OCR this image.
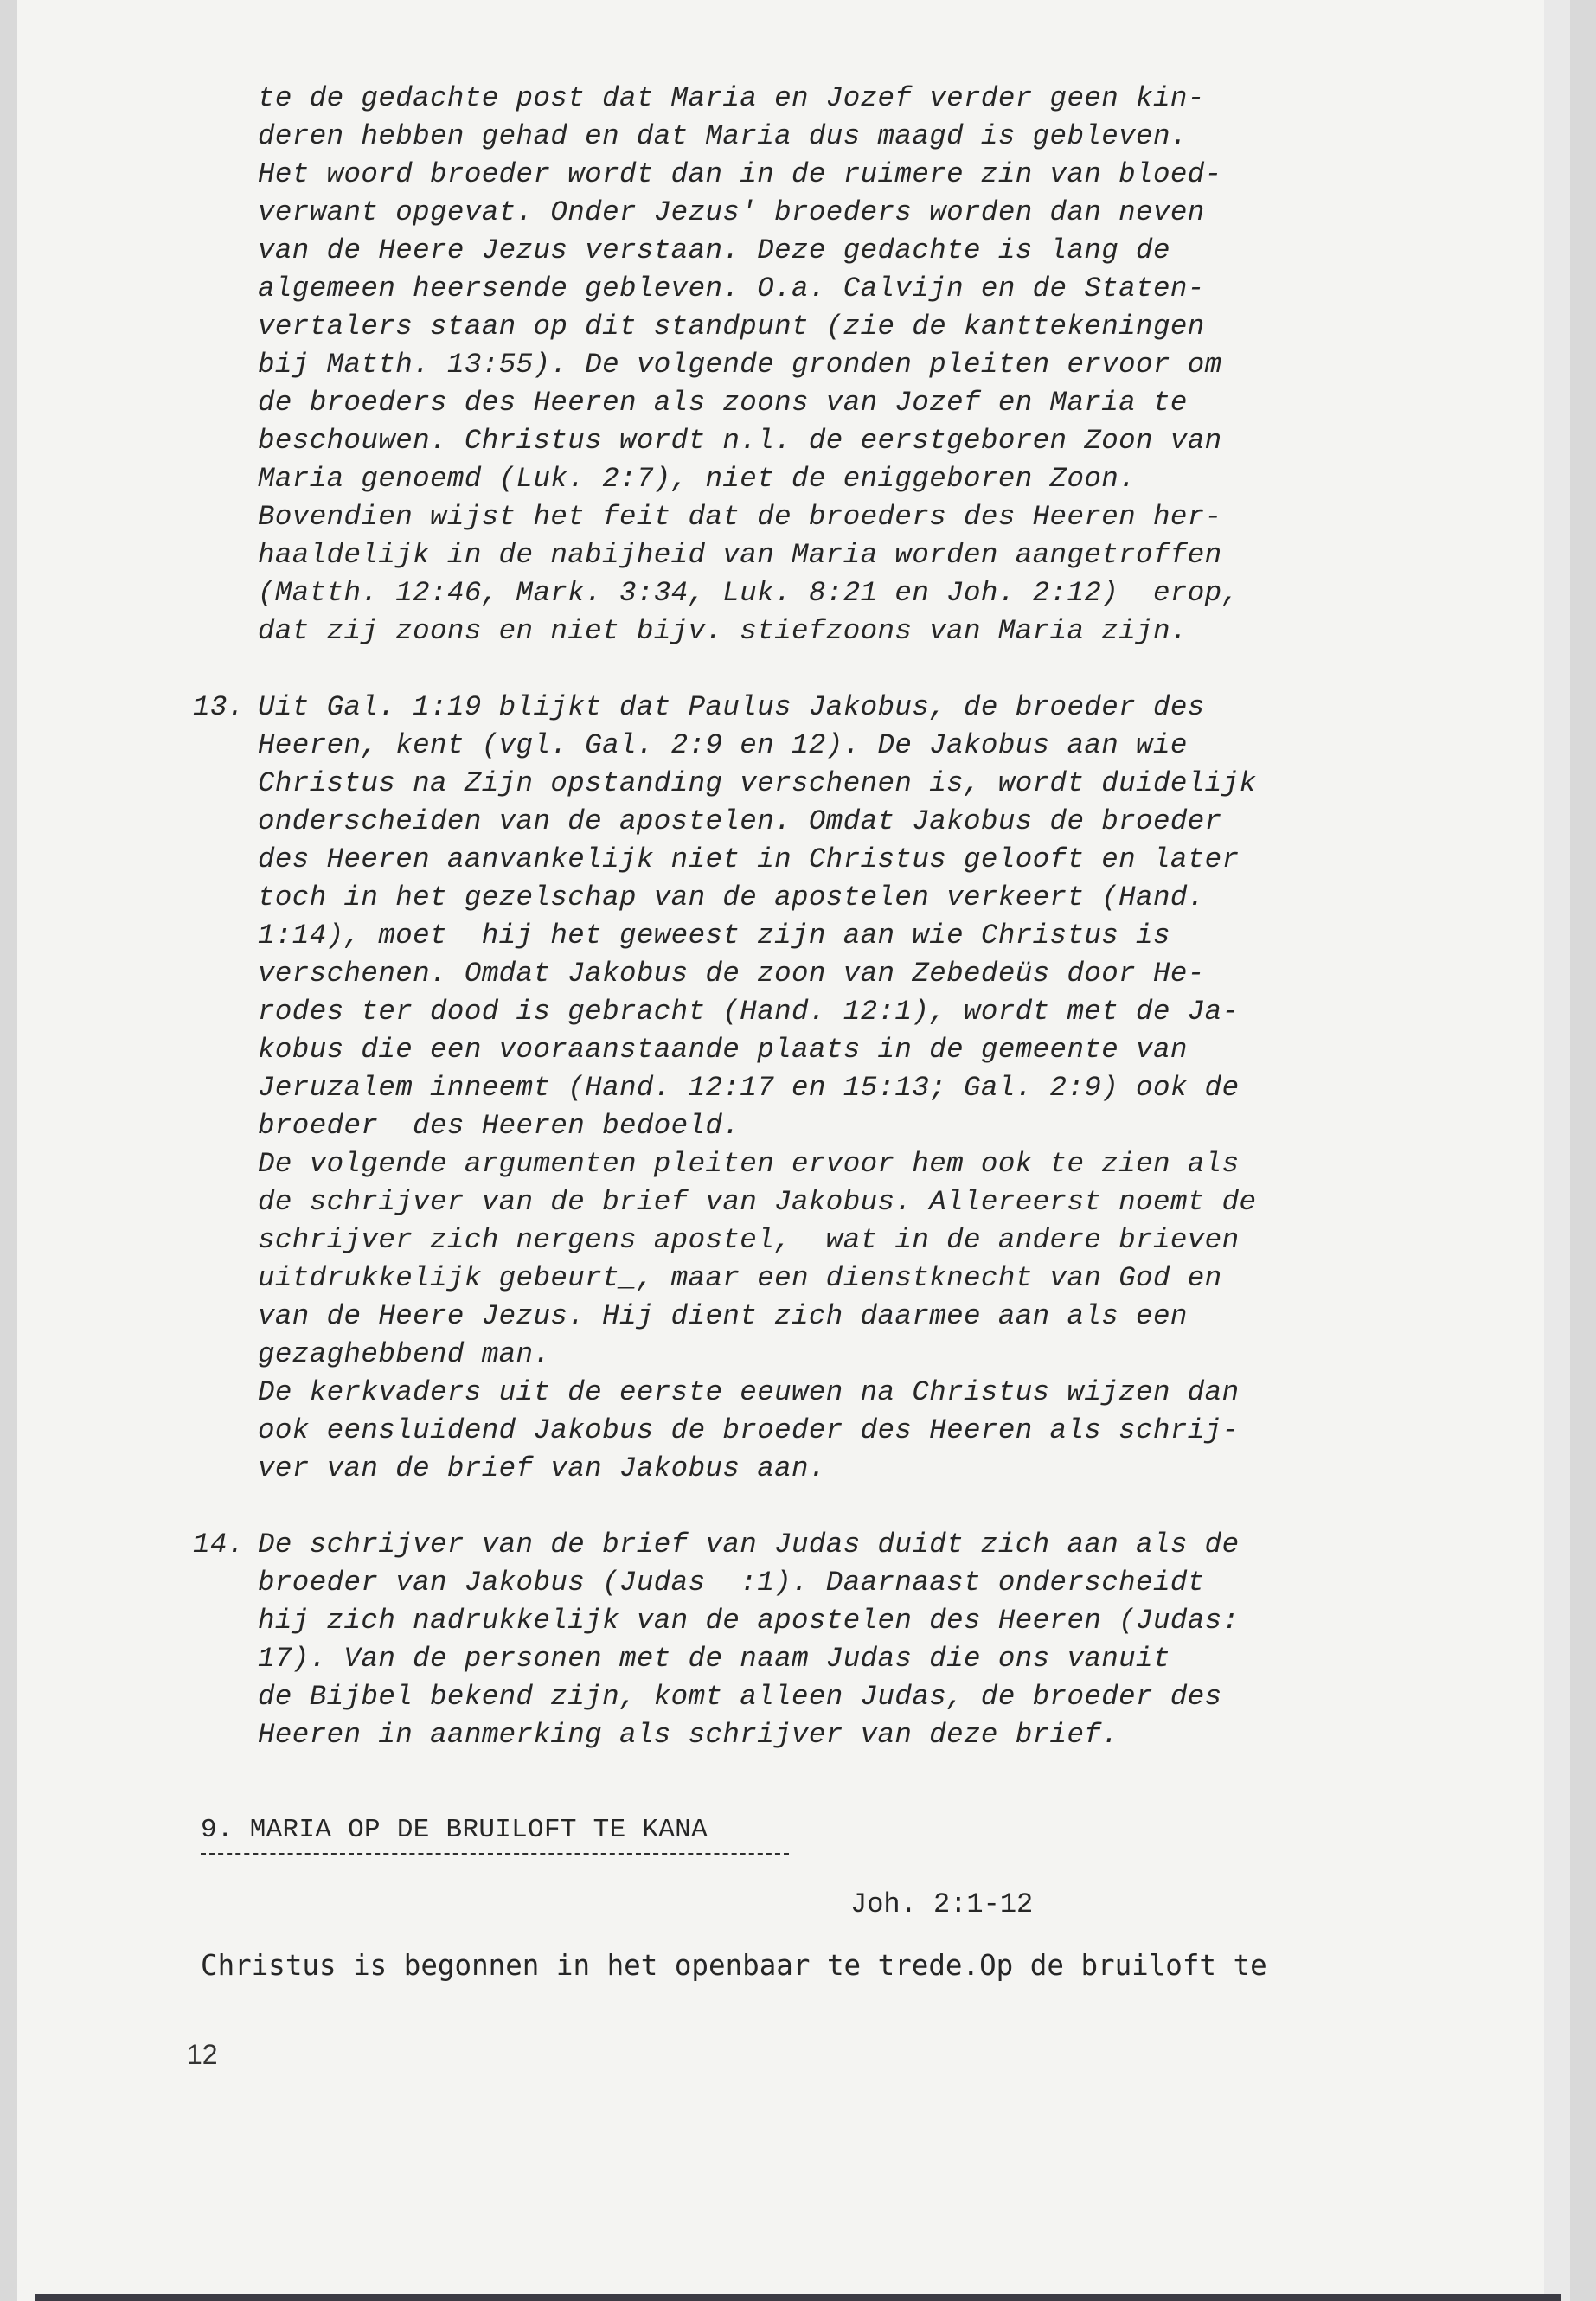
te de gedachte post dat Maria en Jozef verder geen kin-
deren hebben gehad en dat Maria dus maagd is gebleven.
Het woord broeder wordt dan in de ruimere zin van bloed-
verwant opgevat. Onder Jezus' broeders worden dan neven
van de Heere Jezus verstaan. Deze gedachte is lang de
algemeen heersende gebleven. O.a. Calvijn en de Staten-
vertalers staan op dit standpunt (zie de kanttekeningen
bij Matth. 13:55). De volgende gronden pleiten ervoor om
de broeders des Heeren als zoons van Jozef en Maria te
beschouwen. Christus wordt n.l. de eerstgeboren Zoon van
Maria genoemd (Luk. 2:7), niet de eniggeboren Zoon.
Bovendien wijst het feit dat de broeders des Heeren her-
haaldelijk in de nabijheid van Maria worden aangetroffen
(Matth. 12:46, Mark. 3:34, Luk. 8:21 en Joh. 2:12)  erop,
dat zij zoons en niet bijv. stiefzoons van Maria zijn.
13. Uit Gal. 1:19 blijkt dat Paulus Jakobus, de broeder des
Heeren, kent (vgl. Gal. 2:9 en 12). De Jakobus aan wie
Christus na Zijn opstanding verschenen is, wordt duidelijk
onderscheiden van de apostelen. Omdat Jakobus de broeder
des Heeren aanvankelijk niet in Christus gelooft en later
toch in het gezelschap van de apostelen verkeert (Hand.
1:14), moet  hij het geweest zijn aan wie Christus is
verschenen. Omdat Jakobus de zoon van Zebedeüs door He-
rodes ter dood is gebracht (Hand. 12:1), wordt met de Ja-
kobus die een vooraanstaande plaats in de gemeente van
Jeruzalem inneemt (Hand. 12:17 en 15:13; Gal. 2:9) ook de
broeder  des Heeren bedoeld.
De volgende argumenten pleiten ervoor hem ook te zien als
de schrijver van de brief van Jakobus. Allereerst noemt de
schrijver zich nergens apostel,  wat in de andere brieven
uitdrukkelijk gebeurt_, maar een dienstknecht van God en
van de Heere Jezus. Hij dient zich daarmee aan als een
gezaghebbend man.
De kerkvaders uit de eerste eeuwen na Christus wijzen dan
ook eensluidend Jakobus de broeder des Heeren als schrij-
ver van de brief van Jakobus aan.
14. De schrijver van de brief van Judas duidt zich aan als de
broeder van Jakobus (Judas  :1). Daarnaast onderscheidt
hij zich nadrukkelijk van de apostelen des Heeren (Judas:
17). Van de personen met de naam Judas die ons vanuit
de Bijbel bekend zijn, komt alleen Judas, de broeder des
Heeren in aanmerking als schrijver van deze brief.
9. MARIA OP DE BRUILOFT TE KANA
Joh. 2:1-12
Christus is begonnen in het openbaar te trede.Op de bruiloft te
12
